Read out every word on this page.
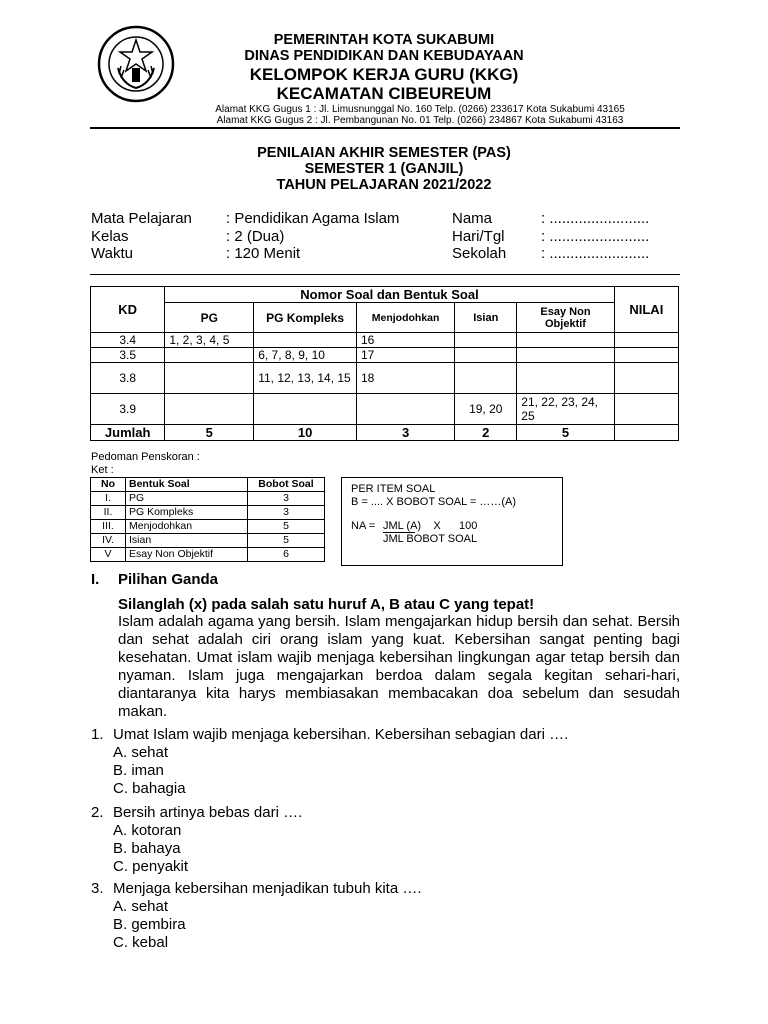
PEMERINTAH KOTA SUKABUMI
DINAS PENDIDIKAN DAN KEBUDAYAAN
KELOMPOK KERJA GURU (KKG)
KECAMATAN CIBEUREUM
Alamat KKG Gugus 1 : Jl. Limusnunggal No. 160 Telp. (0266) 233617 Kota Sukabumi 43165
Alamat KKG Gugus 2 : Jl. Pembangunan No. 01 Telp. (0266) 234867 Kota Sukabumi 43163
PENILAIAN AKHIR SEMESTER (PAS)
SEMESTER 1 (GANJIL)
TAHUN PELAJARAN 2021/2022
Mata Pelajaran : Pendidikan Agama Islam
Kelas	: 2 (Dua)
Waktu	: 120 Menit
Nama	: ........................
Hari/Tgl : ........................
Sekolah : ........................
KD	Nomor Soal dan Bentuk Soal					NILAI
	PG	PG Kompleks	Menjodohkan	Isian	Esay Non Objektif	
3.4	1, 2, 3, 4, 5		16			
3.5		6, 7, 8, 9, 10	17			
3.8		11, 12, 13, 14, 15	18			
3.9				19, 20	21, 22, 23, 24, 25	
Jumlah	5	10	3	2	5	
Pedoman Penskoran :
Ket :
No	Bentuk Soal	Bobot Soal
I.	PG	3
II.	PG Kompleks	3
III.	Menjodohkan	5
IV.	Isian	5
V	Esay Non Objektif	6
PER ITEM SOAL
B = .... X BOBOT SOAL = ……(A)
NA = JML (A)    X      100
JML BOBOT SOAL
I. Pilihan Ganda
Silanglah (x) pada salah satu huruf A, B atau C yang tepat!
Islam adalah agama yang bersih. Islam mengajarkan hidup bersih dan sehat. Bersih dan sehat adalah ciri orang islam yang kuat. Kebersihan sangat penting bagi kesehatan. Umat islam wajib menjaga kebersihan lingkungan agar tetap bersih dan nyaman. Islam juga mengajarkan berdoa dalam segala kegitan sehari-hari, diantaranya kita harys membiasakan membacakan doa sebelum dan sesudah makan.
1. Umat Islam wajib menjaga kebersihan. Kebersihan sebagian dari ….
A. sehat
B. iman
C. bahagia
2. Bersih artinya bebas dari ….
A. kotoran
B. bahaya
C. penyakit
3. Menjaga kebersihan menjadikan tubuh kita ….
A. sehat
B. gembira
C. kebal
